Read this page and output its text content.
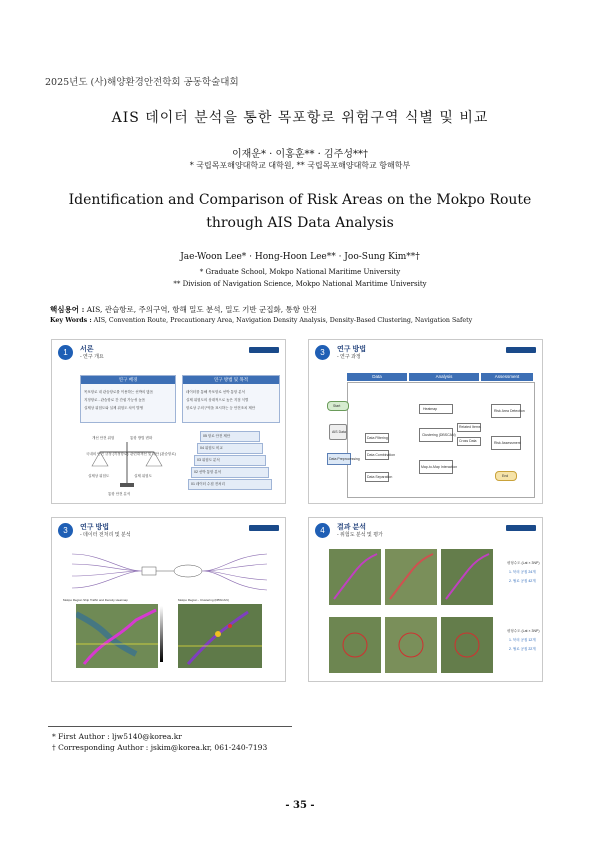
2025년도 (사)해양환경안전학회 공동학술대회
AIS 데이터 분석을 통한 목포항로 위험구역 식별 및 비교
이재운* · 이홍훈** · 김주성**†
* 국립목포해양대학교 대학원, ** 국립목포해양대학교 항해학부
Identification and Comparison of Risk Areas on the Mokpo Route
through AIS Data Analysis
Jae-Woon Lee* · Hong-Hoon Lee** · Joo-Sung Kim**†
* Graduate School, Mokpo National Maritime University
** Division of Navigation Science, Mokpo National Maritime University
핵심용어 : AIS, 관습항로, 주의구역, 항해 밀도 분석, 밀도 기반 군집화, 통항 안전
Key Words : AIS, Convention Route, Precautionary Area, Navigation Density Analysis, Density-Based Clustering, Navigation Safety
1	서론
- 연구 개요
연구 배경
목포항로 내 관습항로를 이용하는 선박의 많음
지정항로 - 관습항로 간 간섭 가능성 높음
실제상 위험도와 실제 위험도 차이 발생
연구 방법 및 목적
데이터를 통해 목포항로 선박 통항 분석
실제 위험도의 상대적으로 높은 지점 식별
항로상 주의구역을 표시하는 등 안전조치 제안
개선 안전 위험
국내외 안전 규정 (지정항로)
실제상 위험도
통항 안전 분석
통항 방법 변화
관련대책선 및 대안 (관습항로)
실제 위험도
05 항로 안전 제안
04 위험도 비교
03 위험도 분석
02 선박 통항 분석
01 데이터 수집 전처리
3	연구 방법
- 연구 과정
Data	Analysis	Assessment
Start
AIS Data
Data Preprocessing
Data Combination
Data Separation
Data Filtering
Heatmap
Clustering (DBSCAN)
Map-to-Map Interaction
Related Items
Cross Data
Risk Area Detection
Risk Assessment
End
3	연구 방법
- 데이터 전처리 및 분석
Mokpo Region Ship Traffic and Density Heatmap	Mokpo Region - Clustering (DBSCAN)
4	결과 분석
- 위험도 분석 및 평가
평형수도 (Lat × 3NP)
1. 북의 공집 24개
2. 혈로 공집 42개
평형수도 (Lat × 3NP)
1. 북의 공집 12개
2. 혈로 공집 22개
* First Author : ljw5140@korea.kr
† Corresponding Author : jskim@korea.kr, 061-240-7193
- 35 -
